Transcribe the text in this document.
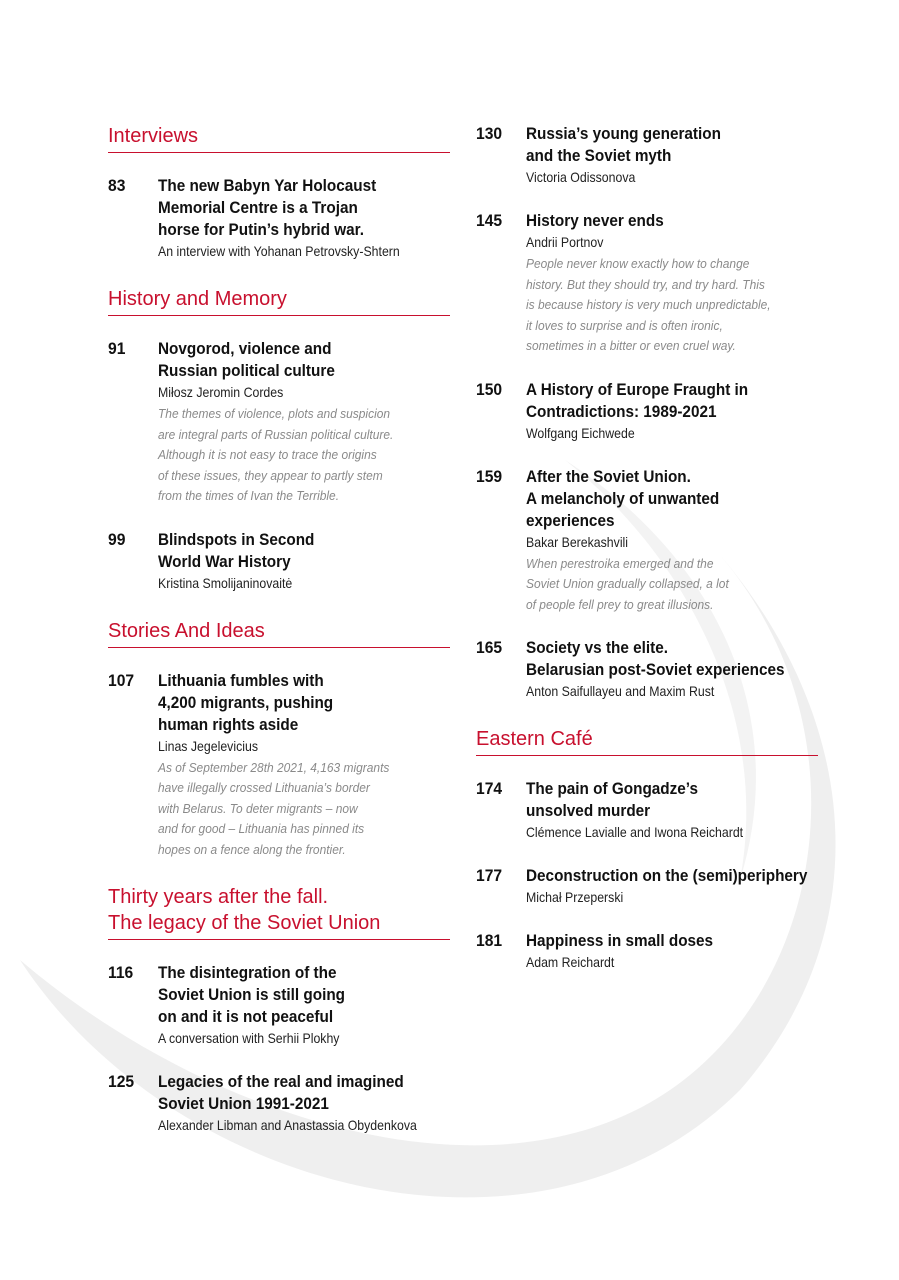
Interviews
83	The new Babyn Yar Holocaust
Memorial Centre is a Trojan
horse for Putin’s hybrid war.
An interview with Yohanan Petrovsky-Shtern
History and Memory
91	Novgorod, violence and
Russian political culture
Miłosz Jeromin Cordes
The themes of violence, plots and suspicion
are integral parts of Russian political culture.
Although it is not easy to trace the origins
of these issues, they appear to partly stem
from the times of Ivan the Terrible.
99	Blindspots in Second
World War History
Kristina Smolijaninovaitė
Stories And Ideas
107	Lithuania fumbles with
4,200 migrants, pushing
human rights aside
Linas Jegelevicius
As of September 28th 2021, 4,163 migrants
have illegally crossed Lithuania’s border
with Belarus. To deter migrants – now
and for good – Lithuania has pinned its
hopes on a fence along the frontier.
Thirty years after the fall.
The legacy of the Soviet Union
116	The disintegration of the
Soviet Union is still going
on and it is not peaceful
A conversation with Serhii Plokhy
125	Legacies of the real and imagined
Soviet Union 1991-2021
Alexander Libman and Anastassia Obydenkova
130	Russia’s young generation
and the Soviet myth
Victoria Odissonova
145	History never ends
Andrii Portnov
People never know exactly how to change
history. But they should try, and try hard. This
is because history is very much unpredictable,
it loves to surprise and is often ironic,
sometimes in a bitter or even cruel way.
150	A History of Europe Fraught in
Contradictions: 1989-2021
Wolfgang Eichwede
159	After the Soviet Union.
A melancholy of unwanted
experiences
Bakar Berekashvili
When perestroika emerged and the
Soviet Union gradually collapsed, a lot
of people fell prey to great illusions.
165	Society vs the elite.
Belarusian post-Soviet experiences
Anton Saifullayeu and Maxim Rust
Eastern Café
174	The pain of Gongadze’s
unsolved murder
Clémence Lavialle and Iwona Reichardt
177	Deconstruction on the (semi)periphery
Michał Przeperski
181	Happiness in small doses
Adam Reichardt
